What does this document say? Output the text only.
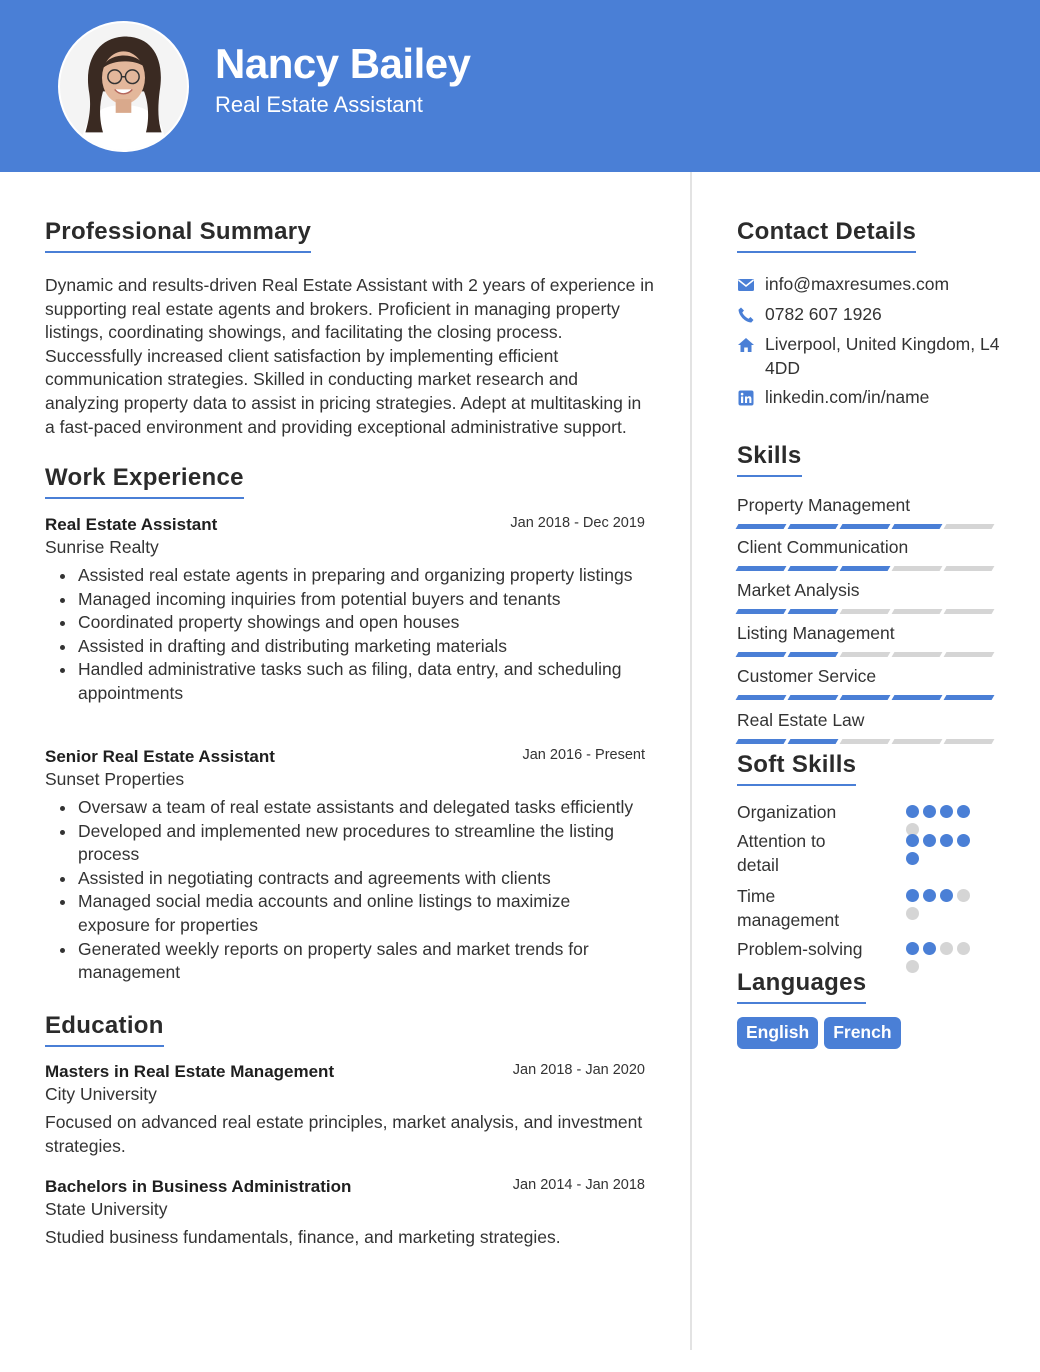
Nancy Bailey
Real Estate Assistant
Professional Summary
Dynamic and results-driven Real Estate Assistant with 2 years of experience in supporting real estate agents and brokers. Proficient in managing property listings, coordinating showings, and facilitating the closing process. Successfully increased client satisfaction by implementing efficient communication strategies. Skilled in conducting market research and analyzing property data to assist in pricing strategies. Adept at multitasking in a fast-paced environment and providing exceptional administrative support.
Work Experience
Real Estate Assistant	Jan 2018 - Dec 2019
Sunrise Realty
Assisted real estate agents in preparing and organizing property listings
Managed incoming inquiries from potential buyers and tenants
Coordinated property showings and open houses
Assisted in drafting and distributing marketing materials
Handled administrative tasks such as filing, data entry, and scheduling appointments
Senior Real Estate Assistant	Jan 2016 - Present
Sunset Properties
Oversaw a team of real estate assistants and delegated tasks efficiently
Developed and implemented new procedures to streamline the listing process
Assisted in negotiating contracts and agreements with clients
Managed social media accounts and online listings to maximize exposure for properties
Generated weekly reports on property sales and market trends for management
Education
Masters in Real Estate Management	Jan 2018 - Jan 2020
City University
Focused on advanced real estate principles, market analysis, and investment strategies.
Bachelors in Business Administration	Jan 2014 - Jan 2018
State University
Studied business fundamentals, finance, and marketing strategies.
Contact Details
info@maxresumes.com
0782 607 1926
Liverpool, United Kingdom, L4 4DD
linkedin.com/in/name
Skills
Property Management
Client Communication
Market Analysis
Listing Management
Customer Service
Real Estate Law
Soft Skills
Organization
Attention to detail
Time management
Problem-solving
Languages
English	French
